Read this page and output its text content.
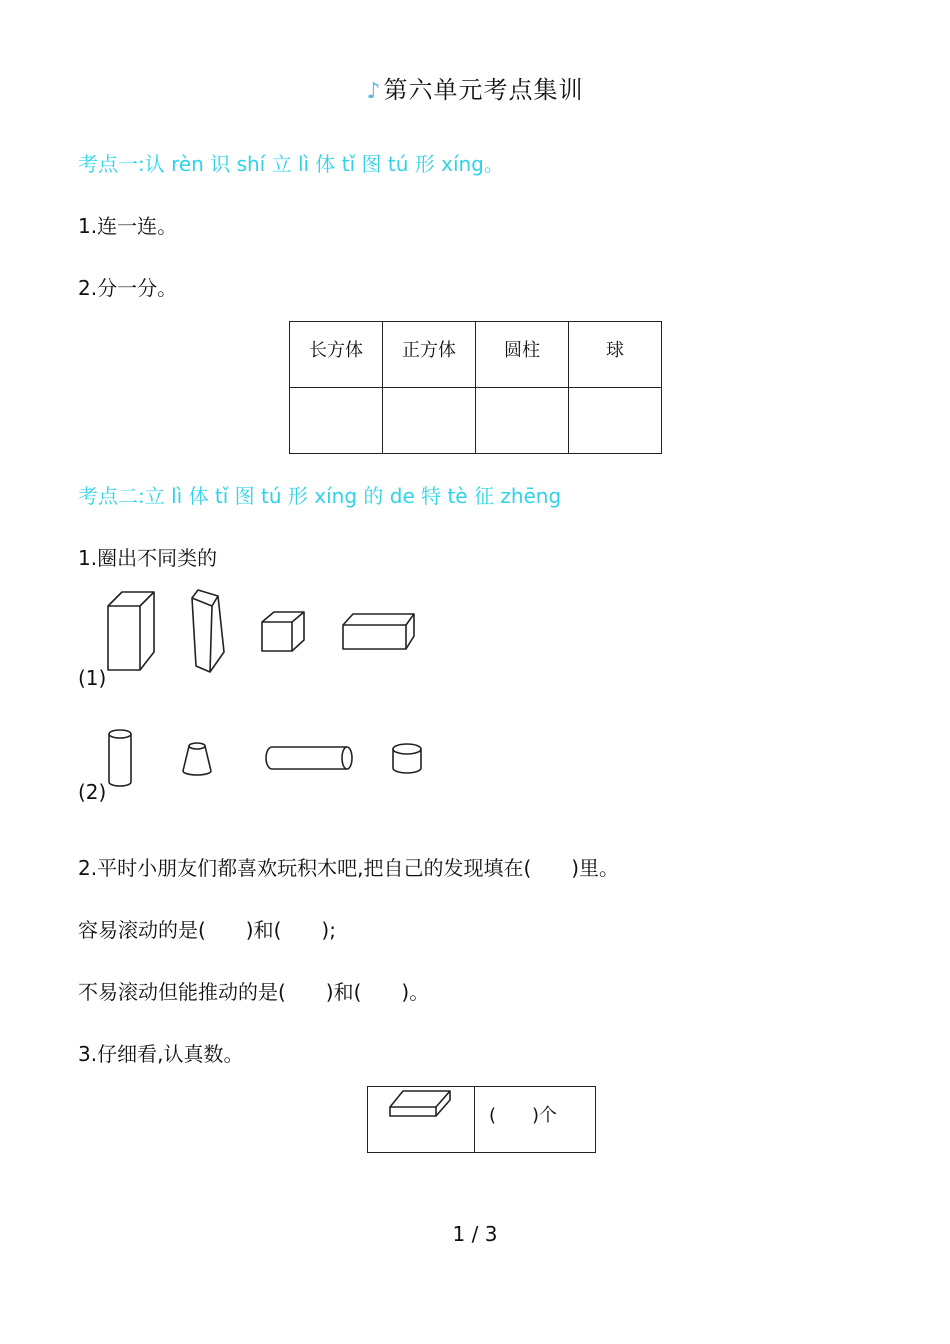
♪第六单元考点集训
考点一:认 rèn 识 shí 立 lì 体 tǐ 图 tú 形 xíng。
1.连一连。
2.分一分。
长方体	正方体	圆柱	球

考点二:立 lì 体 tǐ 图 tú 形 xíng 的 de 特 tè 征 zhēng
1.圈出不同类的
(1)
(2)
2.平时小朋友们都喜欢玩积木吧,把自己的发现填在(　　)里。
容易滚动的是(　　)和(　　);
不易滚动但能推动的是(　　)和(　　)。
3.仔细看,认真数。
	(　　)个
1 / 3
